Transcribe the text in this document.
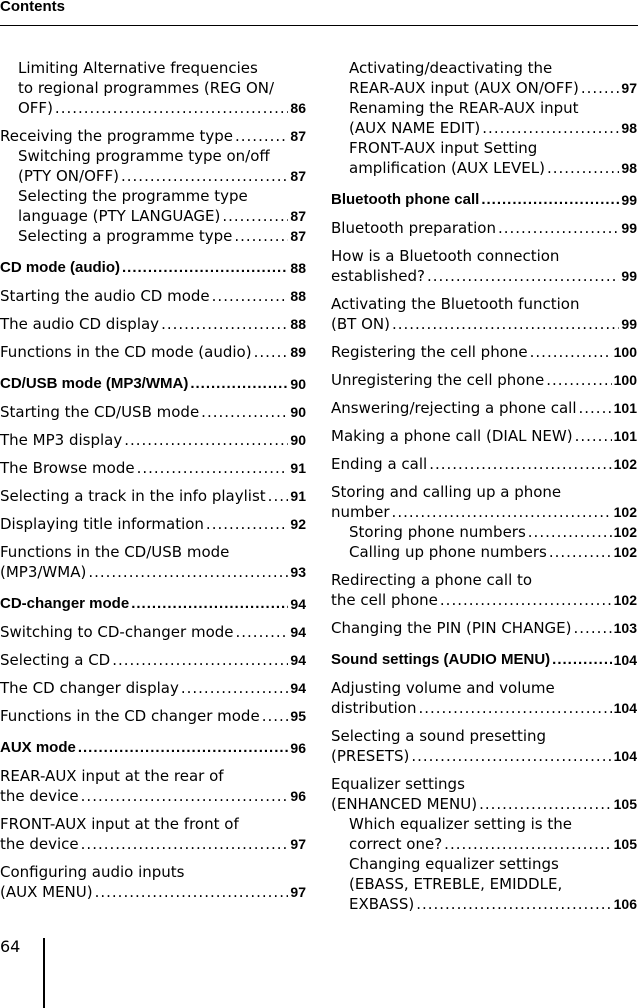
Contents
Limiting Alternative frequencies
to regional programmes (REG ON/
OFF) .....	86
Receiving the programme type .....	87
Switching programme type on/off
(PTY ON/OFF) .....	87
Selecting the programme type
language (PTY LANGUAGE) .....	87
Selecting a programme type .....	87
CD mode (audio) .....	88
Starting the audio CD mode .....	88
The audio CD display .....	88
Functions in the CD mode (audio) .....	89
CD/USB mode (MP3/WMA) .....	90
Starting the CD/USB mode .....	90
The MP3 display .....	90
The Browse mode .....	91
Selecting a track in the info playlist ..... 91
Displaying title information .....	92
Functions in the CD/USB mode
(MP3/WMA) .....	93
CD-changer mode .....	94
Switching to CD-changer mode .....	94
Selecting a CD .....	94
The CD changer display .....	94
Functions in the CD changer mode ..... 95
AUX mode .....	96
REAR-AUX input at the rear of
the device .....	96
FRONT-AUX input at the front of
the device .....	97
Configuring audio inputs
(AUX MENU) .....	97
Activating/deactivating the
REAR-AUX input (AUX ON/OFF) .....	97
Renaming the REAR-AUX input
(AUX NAME EDIT) .....	98
FRONT-AUX input Setting
amplification (AUX LEVEL) .....	98
Bluetooth phone call .....	99
Bluetooth preparation .....	99
How is a Bluetooth connection
established? .....	99
Activating the Bluetooth function
(BT ON) .....	99
Registering the cell phone .....	100
Unregistering the cell phone .....	100
Answering/rejecting a phone call .....	101
Making a phone call (DIAL NEW) .....	101
Ending a call .....	102
Storing and calling up a phone
number .....	102
Storing phone numbers .....	102
Calling up phone numbers .....	102
Redirecting a phone call to
the cell phone .....	102
Changing the PIN (PIN CHANGE) .....	103
Sound settings (AUDIO MENU) .....	104
Adjusting volume and volume
distribution .....	104
Selecting a sound presetting
(PRESETS) .....	104
Equalizer settings
(ENHANCED MENU) .....	105
Which equalizer setting is the
correct one? .....	105
Changing equalizer settings
(EBASS, ETREBLE, EMIDDLE,
EXBASS) .....	106
64
